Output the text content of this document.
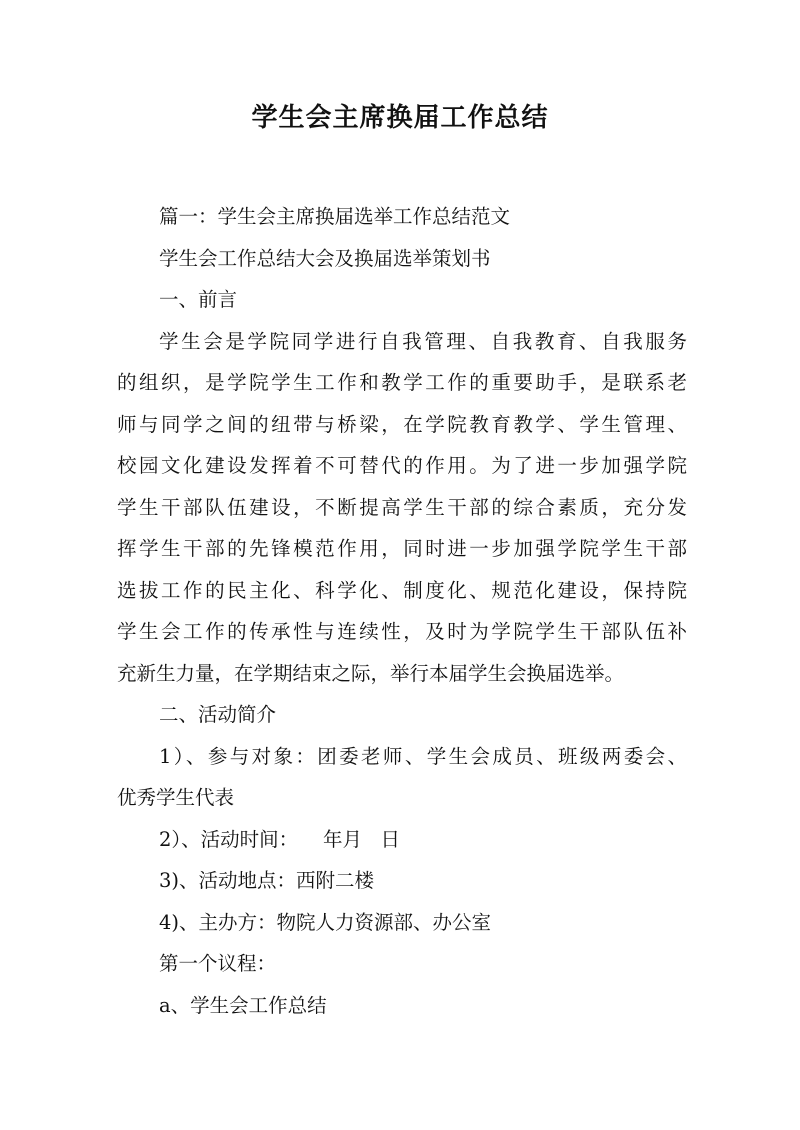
学生会主席换届工作总结
篇一：学生会主席换届选举工作总结范文
学生会工作总结大会及换届选举策划书
一、前言
学生会是学院同学进行自我管理、自我教育、自我服务
的组织，是学院学生工作和教学工作的重要助手，是联系老
师与同学之间的纽带与桥梁，在学院教育教学、学生管理、
校园文化建设发挥着不可替代的作用。为了进一步加强学院
学生干部队伍建设，不断提高学生干部的综合素质，充分发
挥学生干部的先锋模范作用，同时进一步加强学院学生干部
选拔工作的民主化、科学化、制度化、规范化建设，保持院
学生会工作的传承性与连续性，及时为学院学生干部队伍补
充新生力量，在学期结束之际，举行本届学生会换届选举。
二、活动简介
1）、参与对象：团委老师、学生会成员、班级两委会、
优秀学生代表
2）、活动时间：    年月   日
3)、活动地点：西附二楼
4)、主办方：物院人力资源部、办公室
第一个议程：
a、学生会工作总结
